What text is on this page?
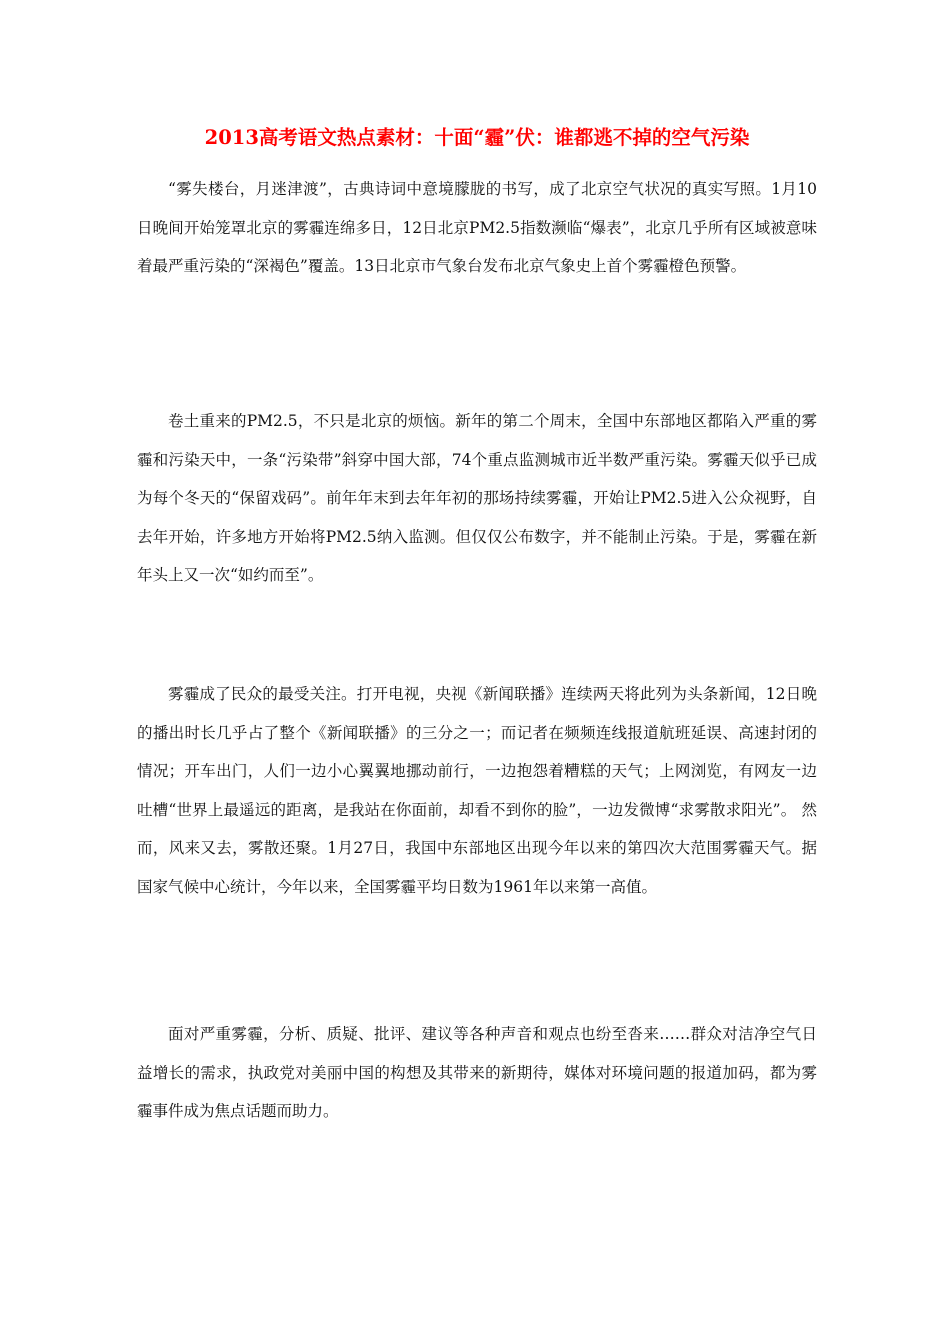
2013高考语文热点素材：十面“霾”伏：谁都逃不掉的空气污染

“雾失楼台，月迷津渡”，古典诗词中意境朦胧的书写，成了北京空气状况的真实写照。1月10日晚间开始笼罩北京的雾霾连绵多日，12日北京PM2.5指数濒临“爆表”，北京几乎所有区域被意味着最严重污染的“深褐色”覆盖。13日北京市气象台发布北京气象史上首个雾霾橙色预警。

卷土重来的PM2.5，不只是北京的烦恼。新年的第二个周末，全国中东部地区都陷入严重的雾霾和污染天中，一条“污染带”斜穿中国大部，74个重点监测城市近半数严重污染。雾霾天似乎已成为每个冬天的“保留戏码”。前年年末到去年年初的那场持续雾霾，开始让PM2.5进入公众视野，自去年开始，许多地方开始将PM2.5纳入监测。但仅仅公布数字，并不能制止污染。于是，雾霾在新年头上又一次“如约而至”。

雾霾成了民众的最受关注。打开电视，央视《新闻联播》连续两天将此列为头条新闻，12日晚的播出时长几乎占了整个《新闻联播》的三分之一；而记者在频频连线报道航班延误、高速封闭的情况；开车出门，人们一边小心翼翼地挪动前行，一边抱怨着糟糕的天气；上网浏览，有网友一边吐槽“世界上最遥远的距离，是我站在你面前，却看不到你的脸”，一边发微博“求雾散求阳光”。 然而，风来又去，雾散还聚。1月27日，我国中东部地区出现今年以来的第四次大范围雾霾天气。据国家气候中心统计，今年以来，全国雾霾平均日数为1961年以来第一高值。

面对严重雾霾，分析、质疑、批评、建议等各种声音和观点也纷至沓来……群众对洁净空气日益增长的需求，执政党对美丽中国的构想及其带来的新期待，媒体对环境问题的报道加码，都为雾霾事件成为焦点话题而助力。
